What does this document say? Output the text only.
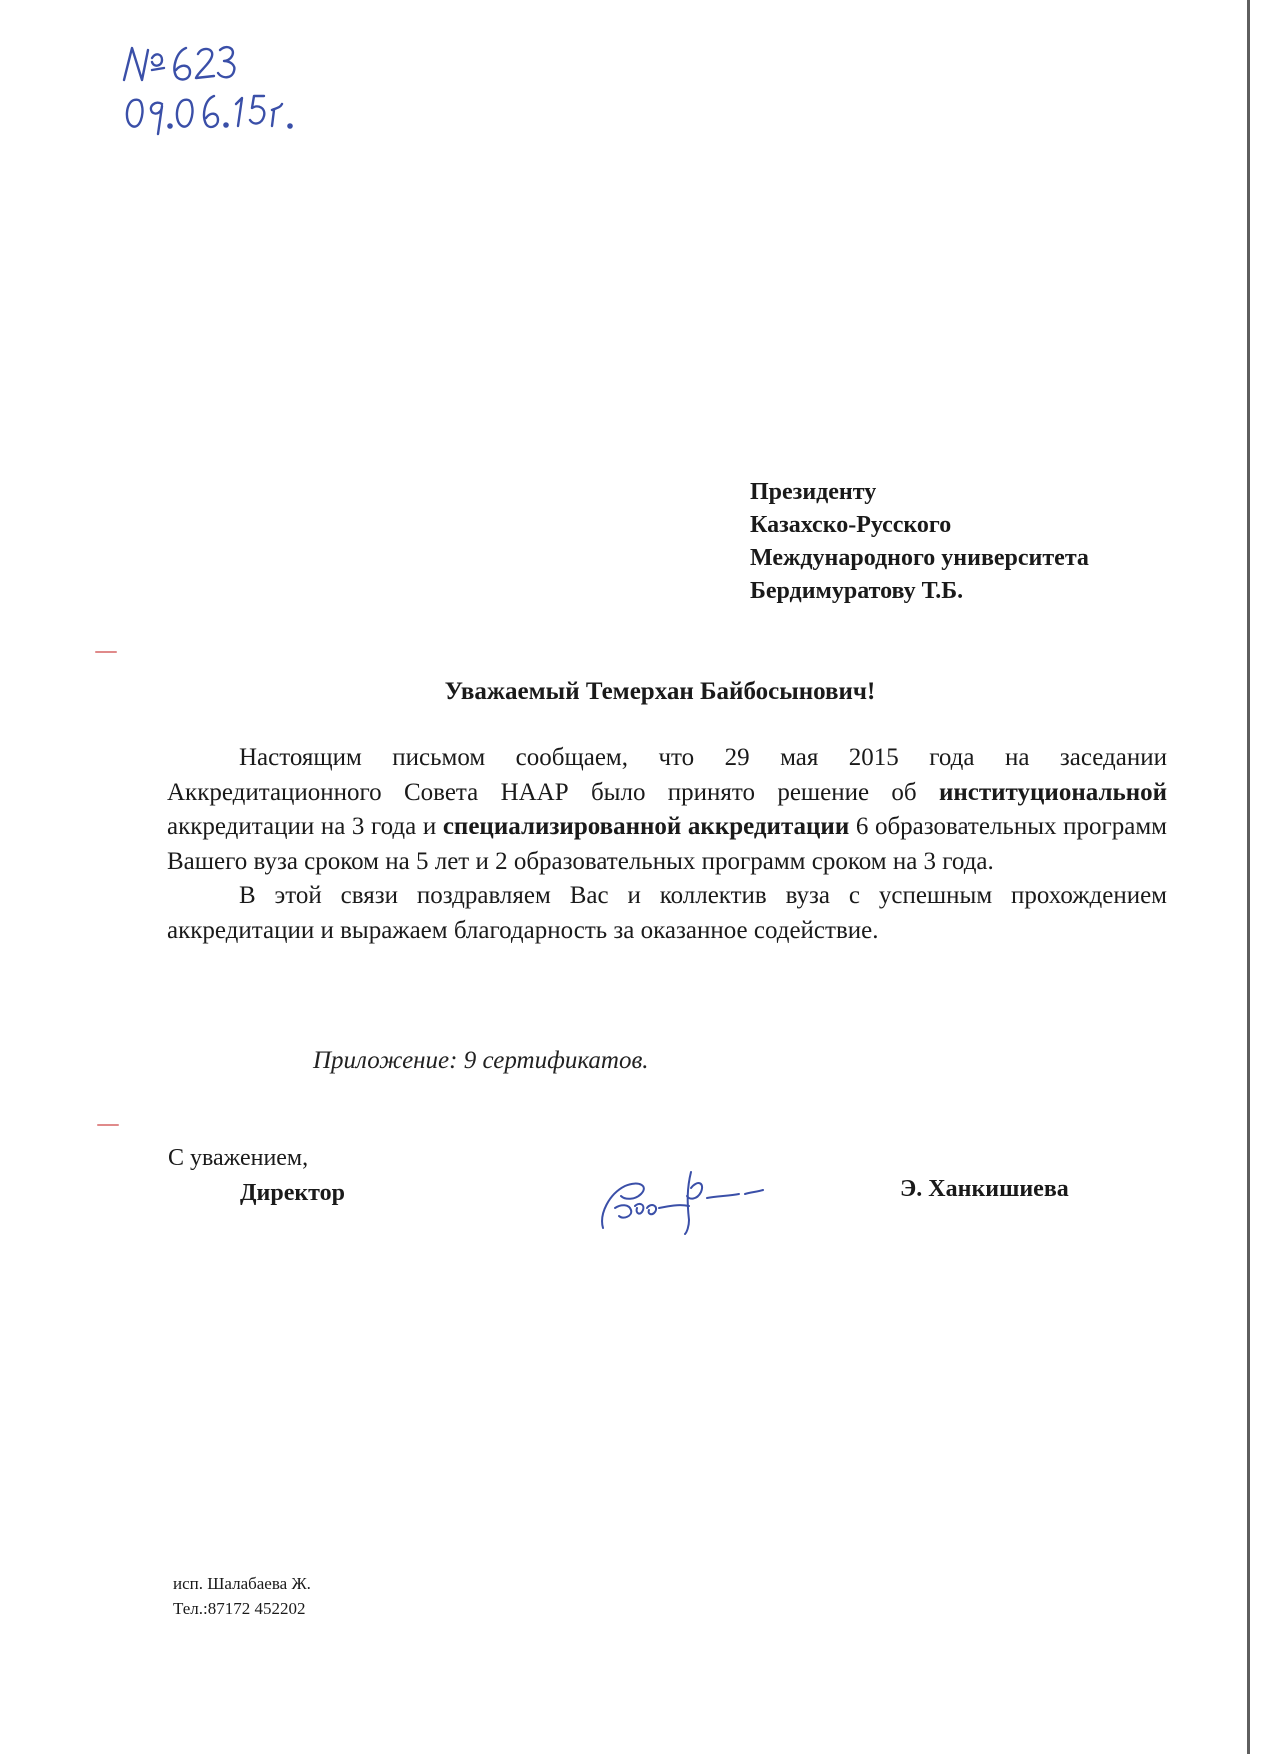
Президенту
Казахско-Русского
Международного университета
Бердимуратову Т.Б.
Уважаемый Темерхан Байбосынович!

Настоящим письмом сообщаем, что 29 мая 2015 года на заседании Аккредитационного Совета НААР было принято решение об институциональной аккредитации на 3 года и специализированной аккредитации 6 образовательных программ Вашего вуза сроком на 5 лет и 2 образовательных программ сроком на 3 года.

В этой связи поздравляем Вас и коллектив вуза с успешным прохождением аккредитации и выражаем благодарность за оказанное содействие.

Приложение: 9 сертификатов.
С уважением,
Директор	Э. Ханкишиева
исп. Шалабаева Ж.
Тел.:87172 452202
